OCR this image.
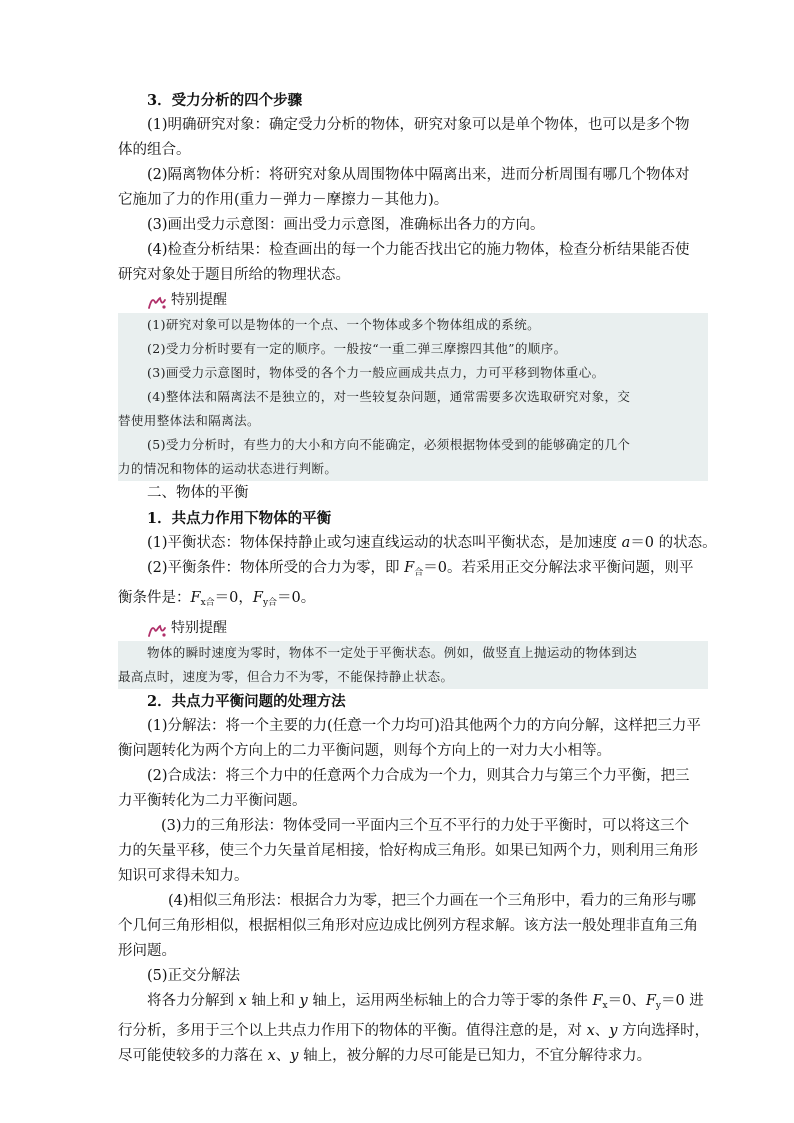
3．受力分析的四个步骤
(1)明确研究对象：确定受力分析的物体，研究对象可以是单个物体，也可以是多个物
体的组合。
(2)隔离物体分析：将研究对象从周围物体中隔离出来，进而分析周围有哪几个物体对
它施加了力的作用(重力－弹力－摩擦力－其他力)。
(3)画出受力示意图：画出受力示意图，准确标出各力的方向。
(4)检查分析结果：检查画出的每一个力能否找出它的施力物体，检查分析结果能否使
研究对象处于题目所给的物理状态。
特别提醒
(1)研究对象可以是物体的一个点、一个物体或多个物体组成的系统。
(2)受力分析时要有一定的顺序。一般按“一重二弹三摩擦四其他”的顺序。
(3)画受力示意图时，物体受的各个力一般应画成共点力，力可平移到物体重心。
(4)整体法和隔离法不是独立的，对一些较复杂问题，通常需要多次选取研究对象，交
替使用整体法和隔离法。
(5)受力分析时，有些力的大小和方向不能确定，必须根据物体受到的能够确定的几个
力的情况和物体的运动状态进行判断。
二、物体的平衡
1．共点力作用下物体的平衡
(1)平衡状态：物体保持静止或匀速直线运动的状态叫平衡状态，是加速度 a＝0 的状态。
(2)平衡条件：物体所受的合力为零，即 $F_合=0$。若采用正交分解法求平衡问题，则平
衡条件是：$F_{x合}=0$，$F_{y合}=0$。
特别提醒
物体的瞬时速度为零时，物体不一定处于平衡状态。例如，做竖直上抛运动的物体到达
最高点时，速度为零，但合力不为零，不能保持静止状态。
2．共点力平衡问题的处理方法
(1)分解法：将一个主要的力(任意一个力均可)沿其他两个力的方向分解，这样把三力平
衡问题转化为两个方向上的二力平衡问题，则每个方向上的一对力大小相等。
(2)合成法：将三个力中的任意两个力合成为一个力，则其合力与第三个力平衡，把三
力平衡转化为二力平衡问题。
(3)力的三角形法：物体受同一平面内三个互不平行的力处于平衡时，可以将这三个
力的矢量平移，使三个力矢量首尾相接，恰好构成三角形。如果已知两个力，则利用三角形
知识可求得未知力。
(4)相似三角形法：根据合力为零，把三个力画在一个三角形中，看力的三角形与哪
个几何三角形相似，根据相似三角形对应边成比例列方程求解。该方法一般处理非直角三角
形问题。
(5)正交分解法
将各力分解到 x 轴上和 y 轴上，运用两坐标轴上的合力等于零的条件 $F_x=0$、$F_y=0$ 进
行分析，多用于三个以上共点力作用下的物体的平衡。值得注意的是，对 x、y 方向选择时，
尽可能使较多的力落在 x、y 轴上，被分解的力尽可能是已知力，不宜分解待求力。
